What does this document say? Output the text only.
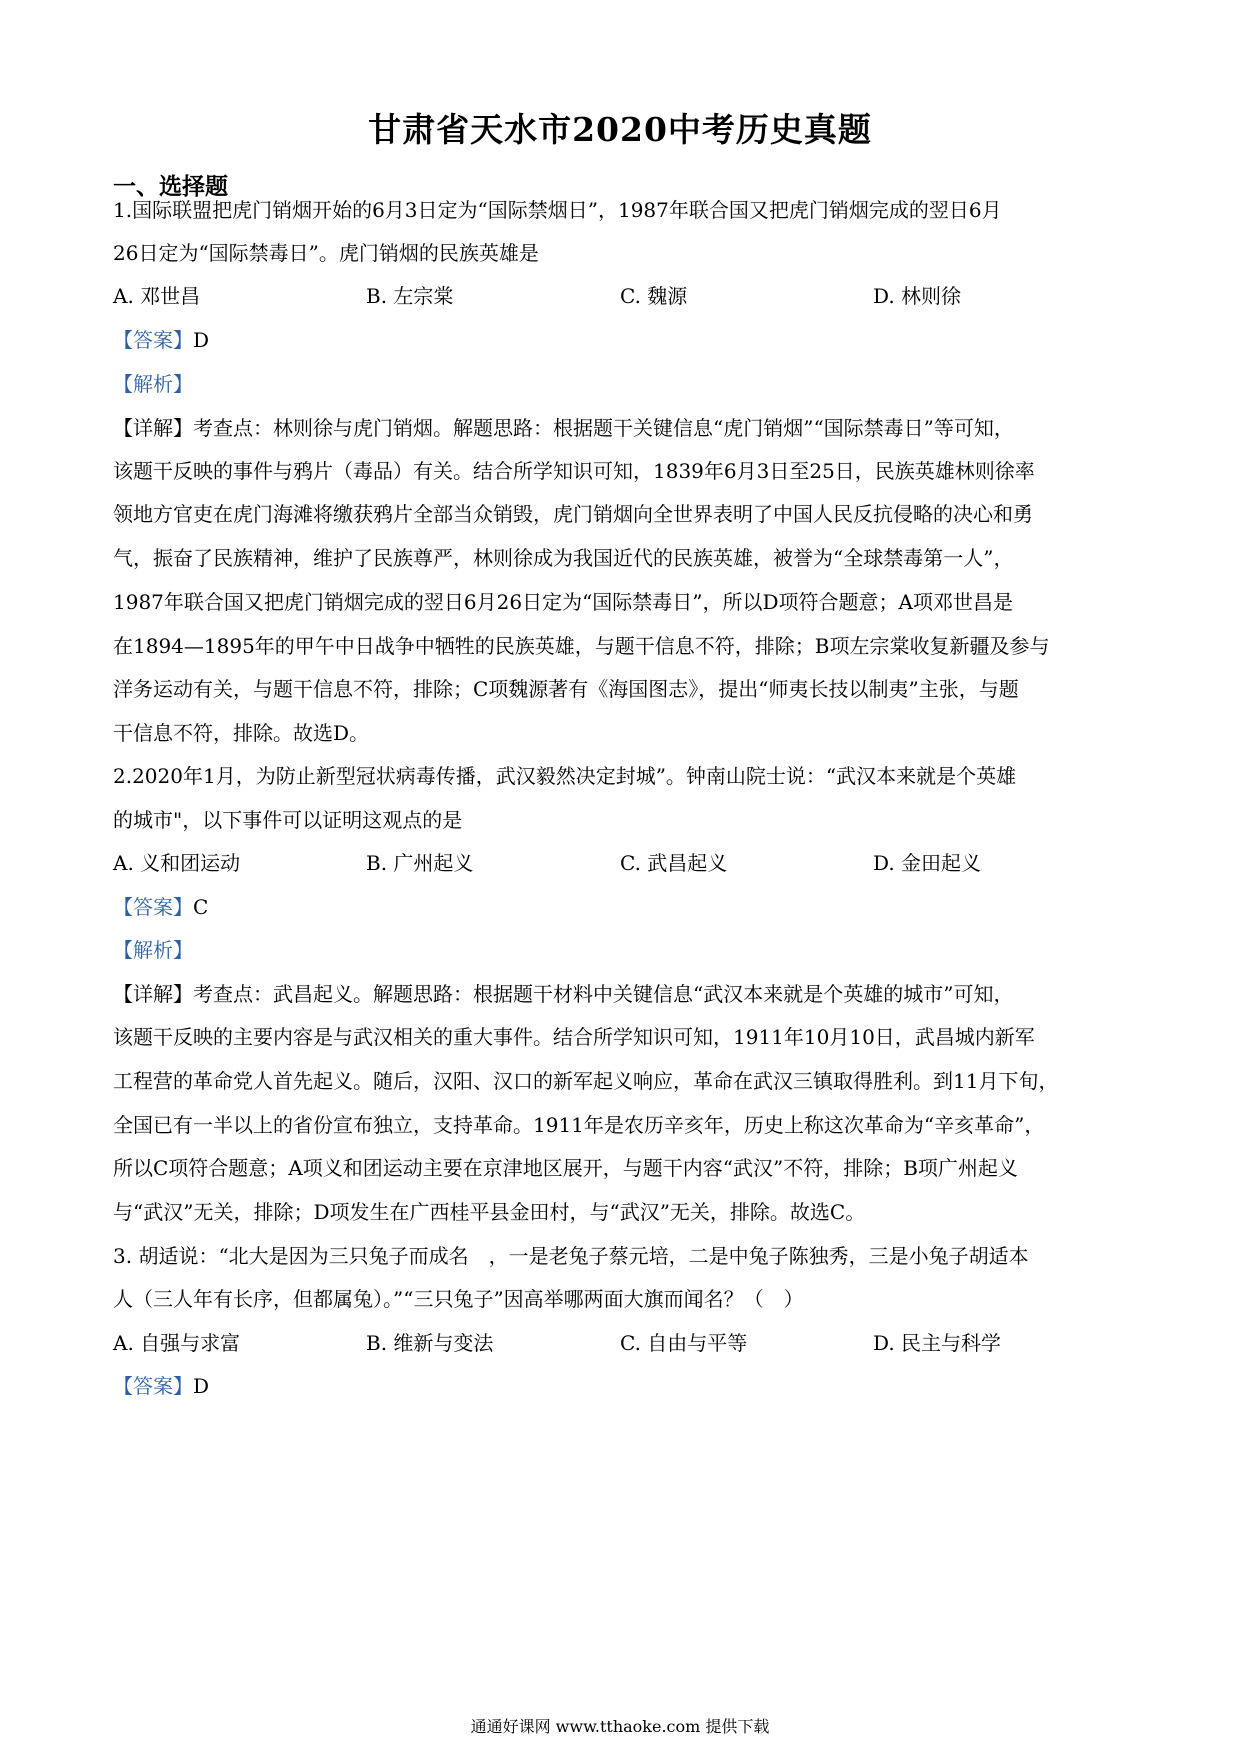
甘肃省天水市2020中考历史真题
一、选择题
1.国际联盟把虎门销烟开始的6月3日定为“国际禁烟日”，1987年联合国又把虎门销烟完成的翌日6月
26日定为“国际禁毒日”。虎门销烟的民族英雄是
A. 邓世昌	B. 左宗棠	C. 魏源	D. 林则徐
【答案】D
【解析】
【详解】考查点：林则徐与虎门销烟。解题思路：根据题干关键信息“虎门销烟”“国际禁毒日”等可知，
该题干反映的事件与鸦片（毒品）有关。结合所学知识可知，1839年6月3日至25日，民族英雄林则徐率
领地方官吏在虎门海滩将缴获鸦片全部当众销毁，虎门销烟向全世界表明了中国人民反抗侵略的决心和勇
气，振奋了民族精神，维护了民族尊严，林则徐成为我国近代的民族英雄，被誉为“全球禁毒第一人”，
1987年联合国又把虎门销烟完成的翌日6月26日定为“国际禁毒日”，所以D项符合题意；A项邓世昌是
在1894—1895年的甲午中日战争中牺牲的民族英雄，与题干信息不符，排除；B项左宗棠收复新疆及参与
洋务运动有关，与题干信息不符，排除；C项魏源著有《海国图志》，提出“师夷长技以制夷”主张，与题
干信息不符，排除。故选D。
2.2020年1月，为防止新型冠状病毒传播，武汉毅然决定封城”。钟南山院士说：“武汉本来就是个英雄
的城市"，以下事件可以证明这观点的是
A. 义和团运动	B. 广州起义	C. 武昌起义	D. 金田起义
【答案】C
【解析】
【详解】考查点：武昌起义。解题思路：根据题干材料中关键信息“武汉本来就是个英雄的城市”可知，
该题干反映的主要内容是与武汉相关的重大事件。结合所学知识可知，1911年10月10日，武昌城内新军
工程营的革命党人首先起义。随后，汉阳、汉口的新军起义响应，革命在武汉三镇取得胜利。到11月下旬，
全国已有一半以上的省份宣布独立，支持革命。1911年是农历辛亥年，历史上称这次革命为“辛亥革命”，
所以C项符合题意；A项义和团运动主要在京津地区展开，与题干内容“武汉”不符，排除；B项广州起义
与“武汉”无关，排除；D项发生在广西桂平县金田村，与“武汉”无关，排除。故选C。
3. 胡适说：“北大是因为三只兔子而成名　，一是老兔子蔡元培，二是中兔子陈独秀，三是小兔子胡适本
人（三人年有长序，但都属兔）。”“三只兔子”因高举哪两面大旗而闻名？（　）
A. 自强与求富	B. 维新与变法	C. 自由与平等	D. 民主与科学
【答案】D
通通好课网 www.tthaoke.com 提供下载
